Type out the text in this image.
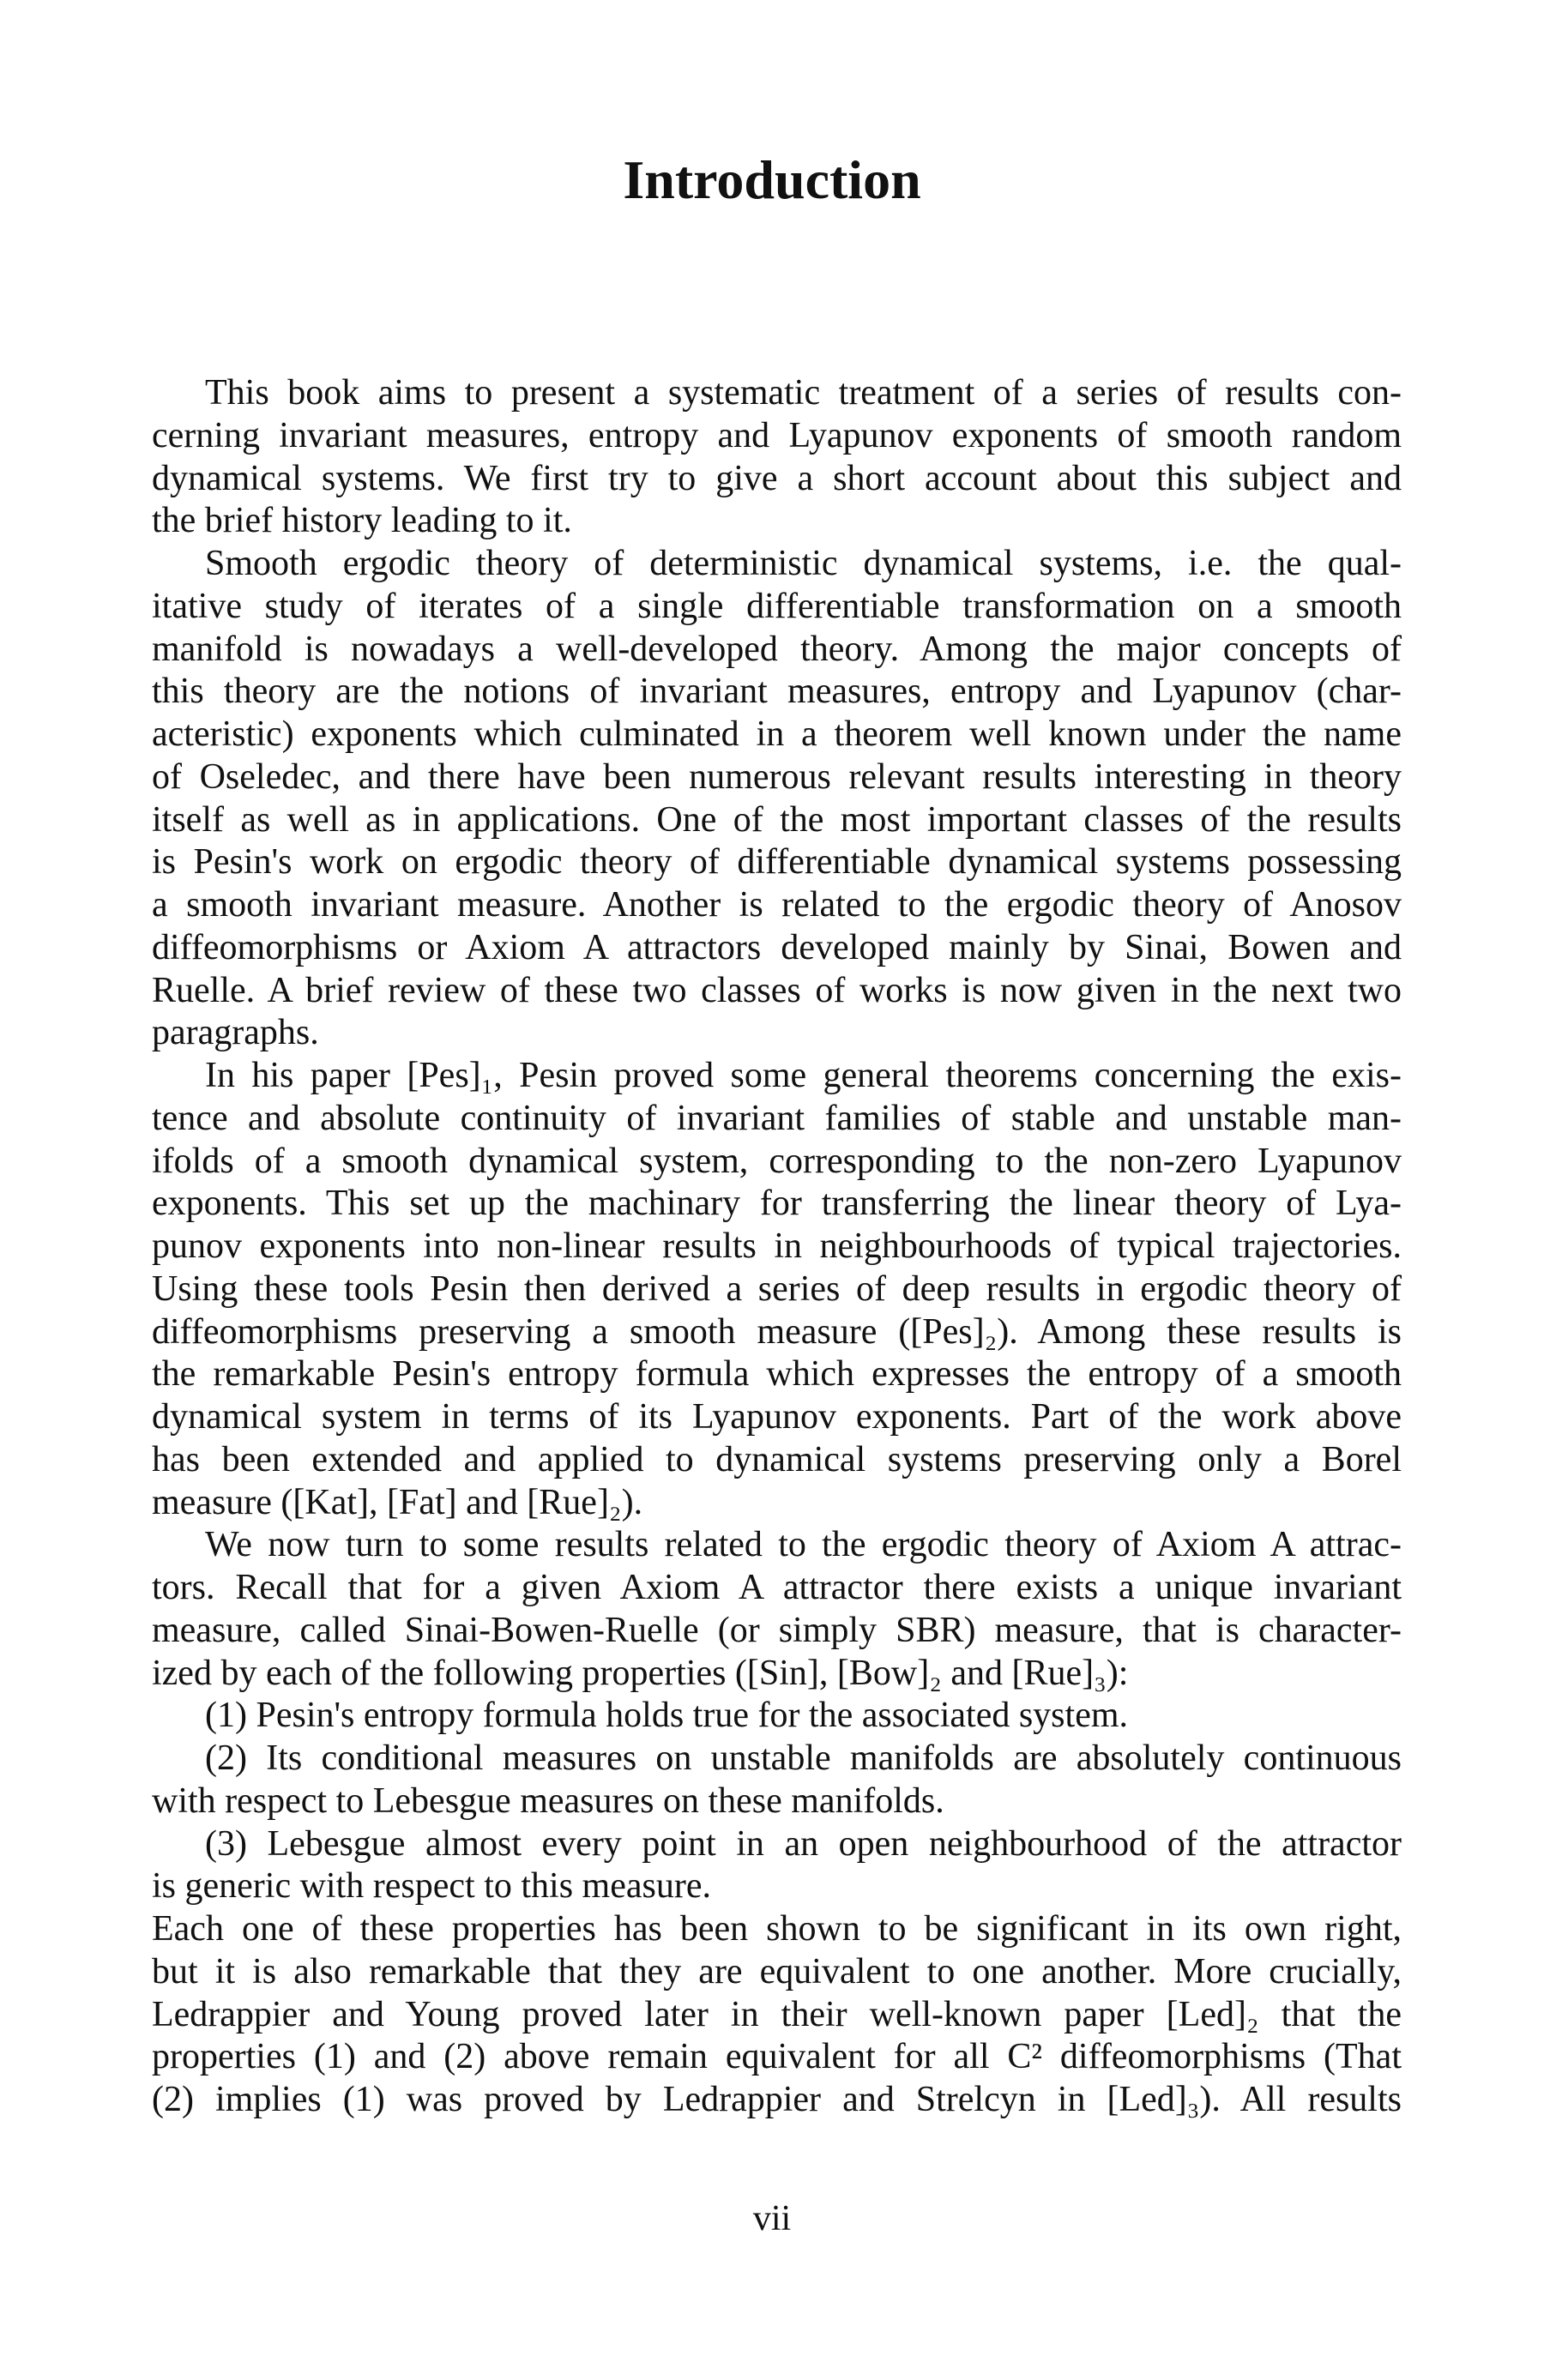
Introduction
This book aims to present a systematic treatment of a series of results con-
cerning invariant measures, entropy and Lyapunov exponents of smooth random
dynamical systems. We first try to give a short account about this subject and
the brief history leading to it.
Smooth ergodic theory of deterministic dynamical systems, i.e. the qual-
itative study of iterates of a single differentiable transformation on a smooth
manifold is nowadays a well-developed theory. Among the major concepts of
this theory are the notions of invariant measures, entropy and Lyapunov (char-
acteristic) exponents which culminated in a theorem well known under the name
of Oseledec, and there have been numerous relevant results interesting in theory
itself as well as in applications. One of the most important classes of the results
is Pesin's work on ergodic theory of differentiable dynamical systems possessing
a smooth invariant measure. Another is related to the ergodic theory of Anosov
diffeomorphisms or Axiom A attractors developed mainly by Sinai, Bowen and
Ruelle. A brief review of these two classes of works is now given in the next two
paragraphs.
In his paper [Pes]₁, Pesin proved some general theorems concerning the exis-
tence and absolute continuity of invariant families of stable and unstable man-
ifolds of a smooth dynamical system, corresponding to the non-zero Lyapunov
exponents. This set up the machinary for transferring the linear theory of Lya-
punov exponents into non-linear results in neighbourhoods of typical trajectories.
Using these tools Pesin then derived a series of deep results in ergodic theory of
diffeomorphisms preserving a smooth measure ([Pes]₂). Among these results is
the remarkable Pesin's entropy formula which expresses the entropy of a smooth
dynamical system in terms of its Lyapunov exponents. Part of the work above
has been extended and applied to dynamical systems preserving only a Borel
measure ([Kat], [Fat] and [Rue]₂).
We now turn to some results related to the ergodic theory of Axiom A attrac-
tors. Recall that for a given Axiom A attractor there exists a unique invariant
measure, called Sinai-Bowen-Ruelle (or simply SBR) measure, that is character-
ized by each of the following properties ([Sin], [Bow]₂ and [Rue]₃):
(1) Pesin's entropy formula holds true for the associated system.
(2) Its conditional measures on unstable manifolds are absolutely continuous
with respect to Lebesgue measures on these manifolds.
(3) Lebesgue almost every point in an open neighbourhood of the attractor
is generic with respect to this measure.
Each one of these properties has been shown to be significant in its own right,
but it is also remarkable that they are equivalent to one another. More crucially,
Ledrappier and Young proved later in their well-known paper [Led]₂ that the
properties (1) and (2) above remain equivalent for all C² diffeomorphisms (That
(2) implies (1) was proved by Ledrappier and Strelcyn in [Led]₃). All results
vii
